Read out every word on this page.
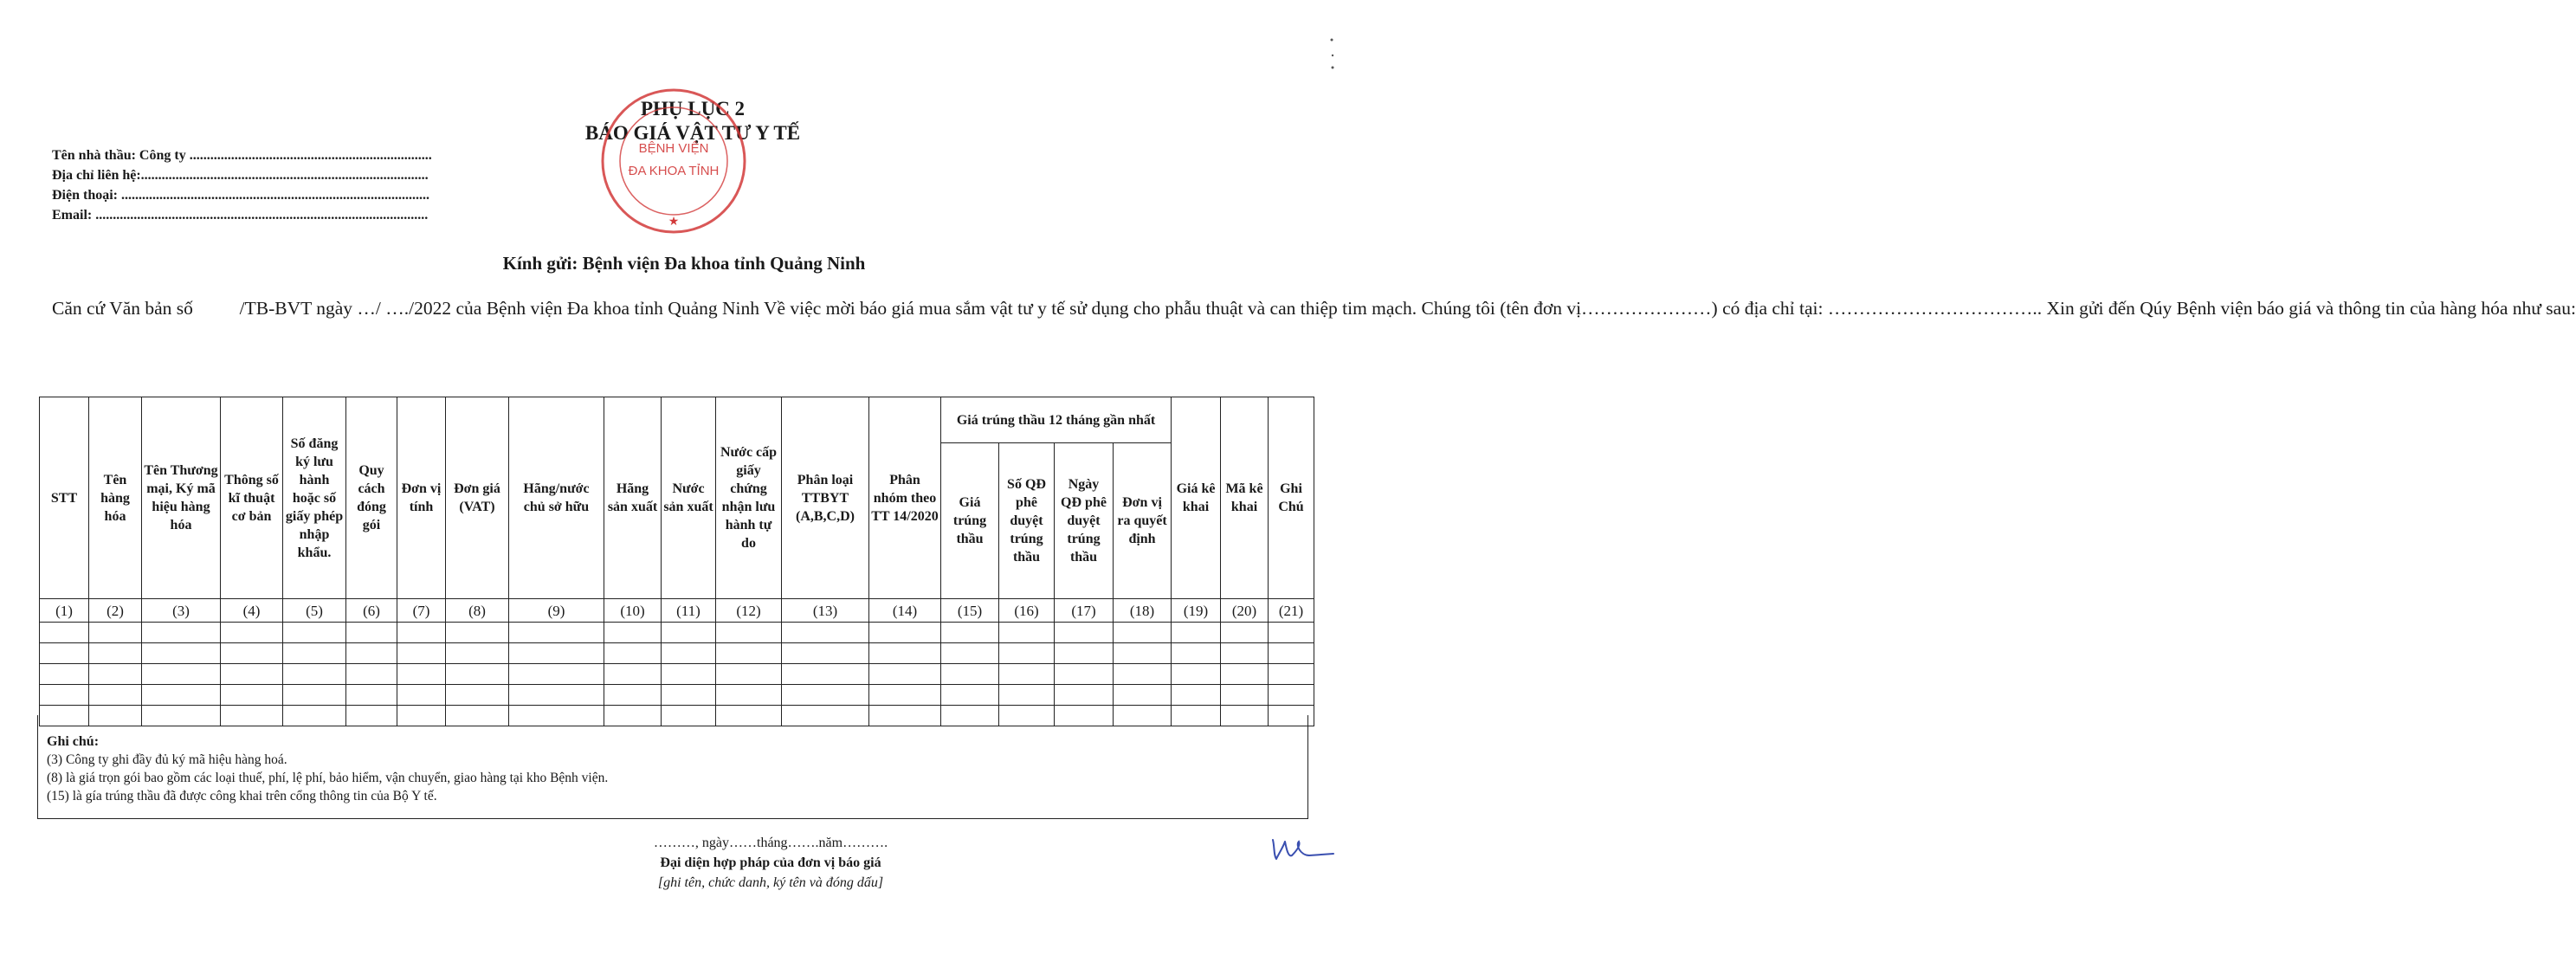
PHỤ LỤC 2
BÁO GIÁ VẬT TƯ Y TẾ
BỆNH VIỆN
ĐA KHOA TỈNH
★
Tên nhà thầu: Công ty ......................................................................
Địa chỉ liên hệ:...................................................................................
Điện thoại: .........................................................................................
Email: ................................................................................................
Kính gửi: Bệnh viện Đa khoa tỉnh Quảng Ninh
Căn cứ Văn bản số	/TB-BVT ngày …/ …./2022 của Bệnh viện Đa khoa tỉnh Quảng Ninh Về việc mời báo giá mua sắm vật tư y tế sử dụng cho phẫu thuật và can thiệp tim mạch. Chúng tôi (tên đơn vị…………………) có địa chỉ tại: …………………………….. Xin gửi đến Qúy Bệnh viện báo giá và thông tin của hàng hóa như sau:
STT	Tên hàng hóa	Tên Thương mại, Ký mã hiệu hàng hóa	Thông số kĩ thuật cơ bản	Số đăng ký lưu hành hoặc số giấy phép nhập khẩu.	Quy cách đóng gói	Đơn vị tính	Đơn giá (VAT)	Hãng/nước chủ sở hữu	Hãng sản xuất	Nước sản xuất	Nước cấp giấy chứng nhận lưu hành tự do	Phân loại TTBYT (A,B,C,D)	Phân nhóm theo TT 14/2020	Giá trúng thầu 12 tháng gần nhất				Giá kê khai	Mã kê khai	Ghi Chú
														Giá trúng thầu	Số QĐ phê duyệt trúng thầu	Ngày QĐ phê duyệt trúng thầu	Đơn vị ra quyết định			
(1)	(2)	(3)	(4)	(5)	(6)	(7)	(8)	(9)	(10)	(11)	(12)	(13)	(14)	(15)	(16)	(17)	(18)	(19)	(20)	(21)

Ghi chú:
(3) Công ty ghi đầy đủ ký mã hiệu hàng hoá.
(8) là giá trọn gói bao gồm các loại thuế, phí, lệ phí, bảo hiểm, vận chuyển, giao hàng tại kho Bệnh viện.
(15) là gía trúng thầu đã được công khai trên cổng thông tin của Bộ Y tế.
………, ngày……tháng…….năm……….
Đại diện hợp pháp của đơn vị báo giá
[ghi tên, chức danh, ký tên và đóng dấu]
